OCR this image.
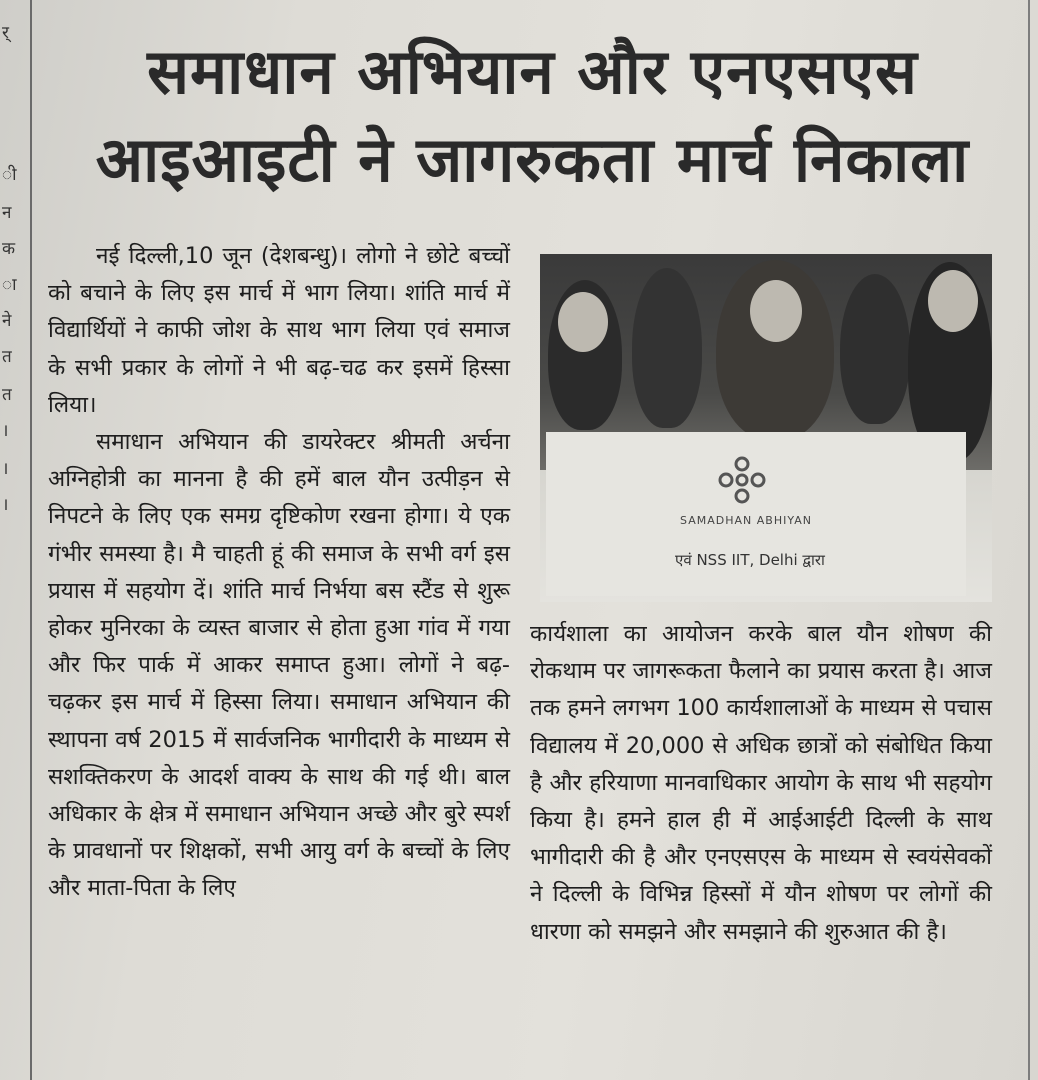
र्
ी
न
क
ा
ने
त
त
।
।
।
समाधान अभियान और एनएसएस
आइआइटी ने जागरुकता मार्च निकाला

नई दिल्ली,10 जून (देशबन्धु)। लोगो ने छोटे बच्चों को बचाने के लिए इस मार्च में भाग लिया। शांति मार्च में विद्यार्थियों ने काफी जोश के साथ भाग लिया एवं समाज के सभी प्रकार के लोगों ने भी बढ़-चढ कर इसमें हिस्सा लिया।

समाधान अभियान की डायरेक्टर श्रीमती अर्चना अग्निहोत्री का मानना है की हमें बाल यौन उत्पीड़न से निपटने के लिए एक समग्र दृष्टिकोण रखना होगा। ये एक गंभीर समस्या है। मै चाहती हूं की समाज के सभी वर्ग इस प्रयास में सहयोग दें। शांति मार्च निर्भया बस स्टैंड से शुरू होकर मुनिरका के व्यस्त बाजार से होता हुआ गांव में गया और फिर पार्क में आकर समाप्त हुआ। लोगों ने बढ़-चढ़कर इस मार्च में हिस्सा लिया। समाधान अभियान की स्थापना वर्ष 2015 में सार्वजनिक भागीदारी के माध्यम से सशक्तिकरण के आदर्श वाक्य के साथ की गई थी। बाल अधिकार के क्षेत्र में समाधान अभियान अच्छे और बुरे स्पर्श के प्रावधानों पर शिक्षकों, सभी आयु वर्ग के बच्चों के लिए और माता-पिता के लिए

SAMADHAN ABHIYAN
एवं NSS IIT, Delhi द्वारा

कार्यशाला का आयोजन करके बाल यौन शोषण की रोकथाम पर जागरूकता फैलाने का प्रयास करता है। आज तक हमने लगभग 100 कार्यशालाओं के माध्यम से पचास विद्यालय में 20,000 से अधिक छात्रों को संबोधित किया है और हरियाणा मानवाधिकार आयोग के साथ भी सहयोग किया है। हमने हाल ही में आईआईटी दिल्ली के साथ भागीदारी की है और एनएसएस के माध्यम से स्वयंसेवकों ने दिल्ली के विभिन्न हिस्सों में यौन शोषण पर लोगों की धारणा को समझने और समझाने की शुरुआत की है।
